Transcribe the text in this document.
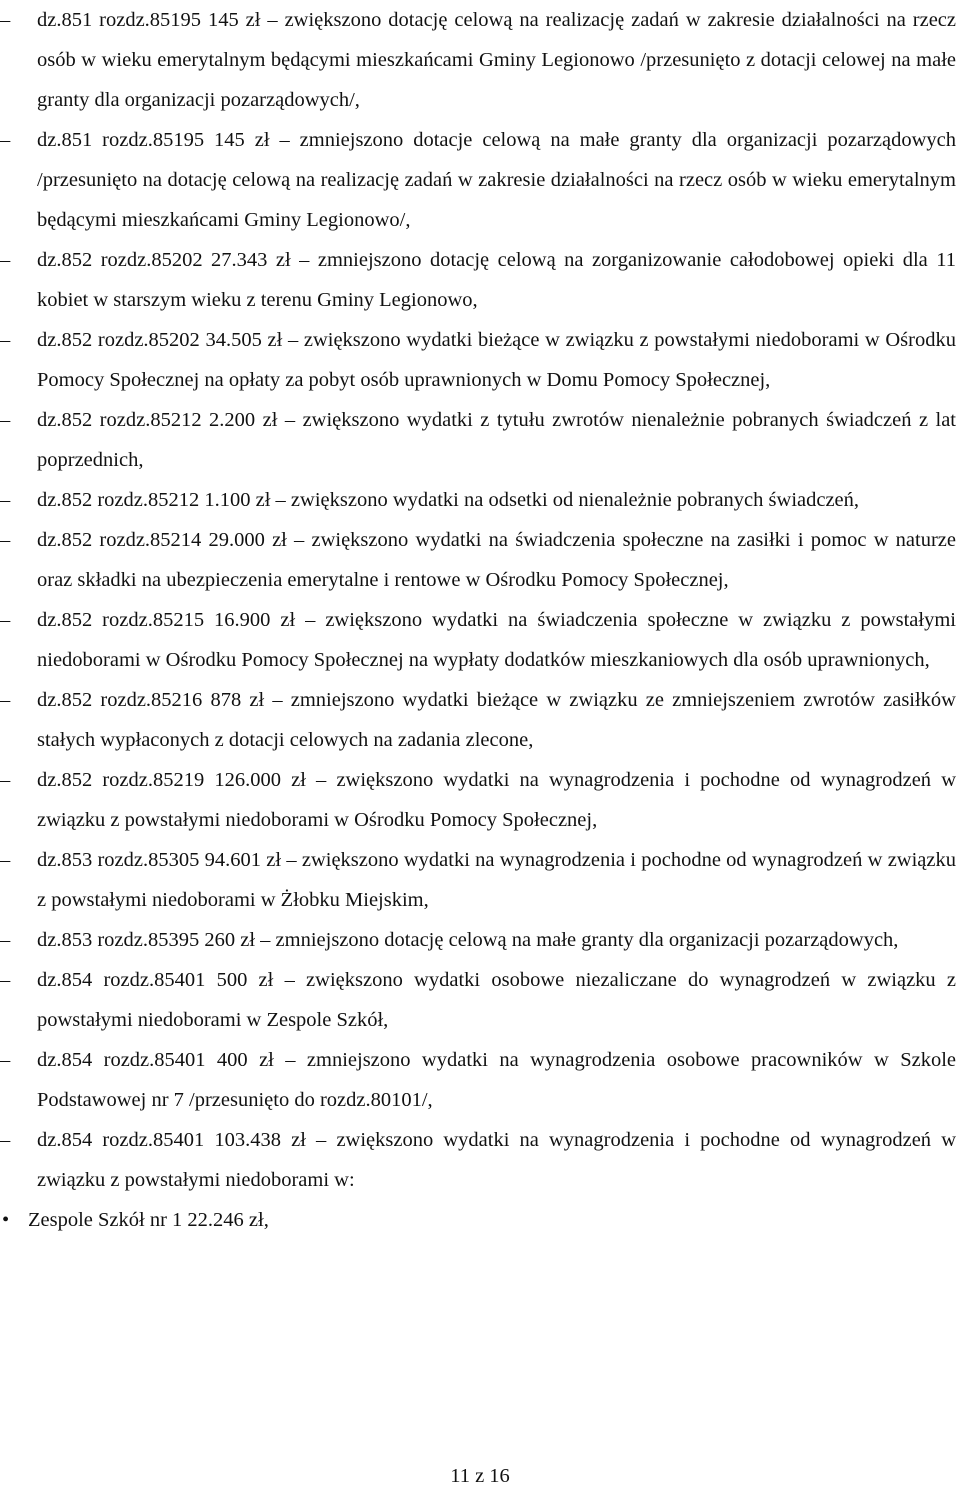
–	dz.851 rozdz.85195 145 zł – zwiększono dotację celową na realizację zadań w zakresie działalności na rzecz osób w wieku emerytalnym będącymi mieszkańcami Gminy Legionowo /przesunięto z dotacji celowej na małe granty dla organizacji pozarządowych/,

–	dz.851 rozdz.85195 145 zł – zmniejszono dotacje celową na małe granty dla organizacji pozarządowych /przesunięto na dotację celową na realizację zadań w zakresie działalności na rzecz osób w wieku emerytalnym będącymi mieszkańcami Gminy Legionowo/,

–	dz.852 rozdz.85202 27.343 zł – zmniejszono dotację celową na zorganizowanie całodobowej opieki dla 11 kobiet w starszym wieku z terenu Gminy Legionowo,

–	dz.852 rozdz.85202 34.505 zł – zwiększono wydatki bieżące w związku z powstałymi niedoborami w Ośrodku Pomocy Społecznej na opłaty za pobyt osób uprawnionych w Domu Pomocy Społecznej,

–	dz.852 rozdz.85212 2.200 zł – zwiększono wydatki z tytułu zwrotów nienależnie pobranych świadczeń z lat poprzednich,

–	dz.852 rozdz.85212 1.100 zł – zwiększono wydatki na odsetki od nienależnie pobranych świadczeń,

–	dz.852 rozdz.85214 29.000 zł – zwiększono wydatki na świadczenia społeczne na zasiłki i pomoc w naturze oraz składki na ubezpieczenia emerytalne i rentowe w Ośrodku Pomocy Społecznej,

–	dz.852 rozdz.85215 16.900 zł – zwiększono wydatki na świadczenia społeczne w związku z powstałymi niedoborami w Ośrodku Pomocy Społecznej na wypłaty dodatków mieszkaniowych dla osób uprawnionych,

–	dz.852 rozdz.85216 878 zł – zmniejszono wydatki bieżące w związku ze zmniejszeniem zwrotów zasiłków stałych wypłaconych z dotacji celowych na zadania zlecone,

–	dz.852 rozdz.85219 126.000 zł – zwiększono wydatki na wynagrodzenia i pochodne od wynagrodzeń w związku z powstałymi niedoborami w Ośrodku Pomocy Społecznej,

–	dz.853 rozdz.85305 94.601 zł – zwiększono wydatki na wynagrodzenia i pochodne od wynagrodzeń w związku z powstałymi niedoborami w Żłobku Miejskim,

–	dz.853 rozdz.85395 260 zł – zmniejszono dotację celową na małe granty dla organizacji pozarządowych,

–	dz.854 rozdz.85401 500 zł – zwiększono wydatki osobowe niezaliczane do wynagrodzeń w związku z powstałymi niedoborami w Zespole Szkół,

–	dz.854 rozdz.85401 400 zł – zmniejszono wydatki na wynagrodzenia osobowe pracowników w Szkole Podstawowej nr 7 /przesunięto do rozdz.80101/,

–	dz.854 rozdz.85401 103.438 zł – zwiększono wydatki na wynagrodzenia i pochodne od wynagrodzeń w związku z powstałymi niedoborami w:

• Zespole Szkół nr 1 22.246 zł,

11 z 16
